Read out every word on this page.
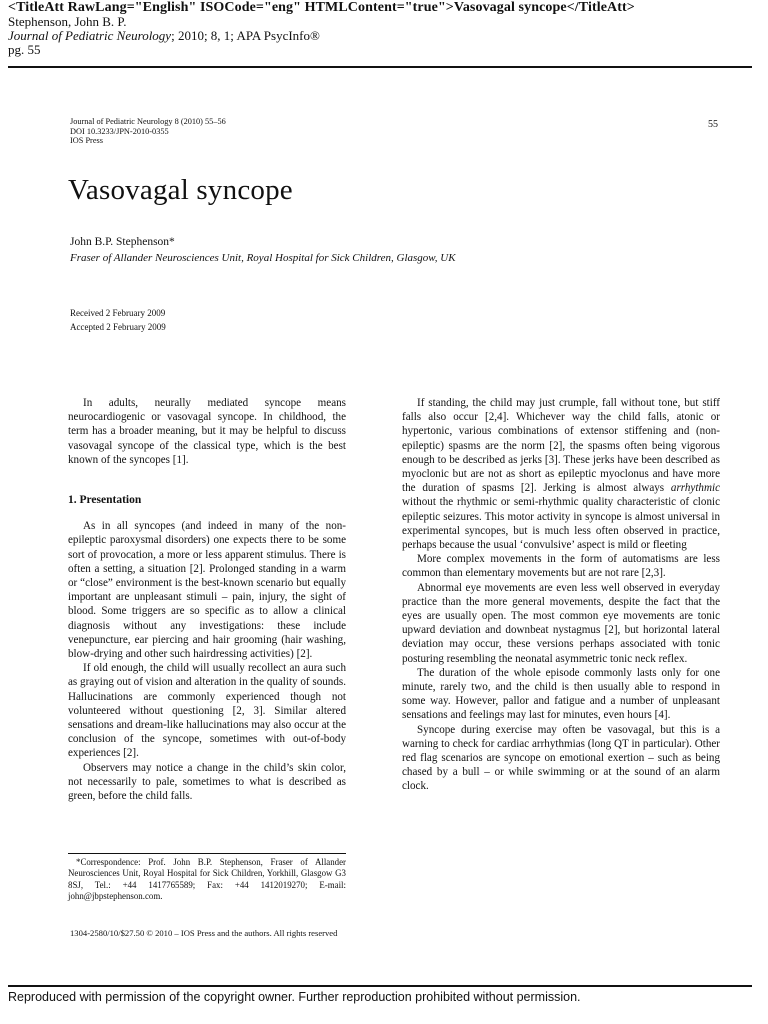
<TitleAtt RawLang="English" ISOCode="eng" HTMLContent="true">Vasovagal syncope</TitleAtt>
Stephenson, John B. P.
Journal of Pediatric Neurology; 2010; 8, 1; APA PsycInfo®
pg. 55
Journal of Pediatric Neurology 8 (2010) 55–56
DOI 10.3233/JPN-2010-0355
IOS Press
55
Vasovagal syncope
John B.P. Stephenson*
Fraser of Allander Neurosciences Unit, Royal Hospital for Sick Children, Glasgow, UK
Received 2 February 2009
Accepted 2 February 2009

In adults, neurally mediated syncope means neurocardiogenic or vasovagal syncope. In childhood, the term has a broader meaning, but it may be helpful to discuss vasovagal syncope of the classical type, which is the best known of the syncopes [1].

1. Presentation

As in all syncopes (and indeed in many of the non-epileptic paroxysmal disorders) one expects there to be some sort of provocation, a more or less apparent stimulus. There is often a setting, a situation [2]. Prolonged standing in a warm or “close” environment is the best-known scenario but equally important are unpleasant stimuli – pain, injury, the sight of blood. Some triggers are so specific as to allow a clinical diagnosis without any investigations: these include venepuncture, ear piercing and hair grooming (hair washing, blow-drying and other such hairdressing activities) [2].

If old enough, the child will usually recollect an aura such as graying out of vision and alteration in the quality of sounds. Hallucinations are commonly experienced though not volunteered without questioning [2, 3]. Similar altered sensations and dream-like hallucinations may also occur at the conclusion of the syncope, sometimes with out-of-body experiences [2].

Observers may notice a change in the child’s skin color, not necessarily to pale, sometimes to what is described as green, before the child falls.

If standing, the child may just crumple, fall without tone, but stiff falls also occur [2,4]. Whichever way the child falls, atonic or hypertonic, various combinations of extensor stiffening and (non-epileptic) spasms are the norm [2], the spasms often being vigorous enough to be described as jerks [3]. These jerks have been described as myoclonic but are not as short as epileptic myoclonus and have more the duration of spasms [2]. Jerking is almost always arrhythmic without the rhythmic or semi-rhythmic quality characteristic of clonic epileptic seizures. This motor activity in syncope is almost universal in experimental syncopes, but is much less often observed in practice, perhaps because the usual ‘convulsive’ aspect is mild or fleeting

More complex movements in the form of automatisms are less common than elementary movements but are not rare [2,3].

Abnormal eye movements are even less well observed in everyday practice than the more general movements, despite the fact that the eyes are usually open. The most common eye movements are tonic upward deviation and downbeat nystagmus [2], but horizontal lateral deviation may occur, these versions perhaps associated with tonic posturing resembling the neonatal asymmetric tonic neck reflex.

The duration of the whole episode commonly lasts only for one minute, rarely two, and the child is then usually able to respond in some way. However, pallor and fatigue and a number of unpleasant sensations and feelings may last for minutes, even hours [4].

Syncope during exercise may often be vasovagal, but this is a warning to check for cardiac arrhythmias (long QT in particular). Other red flag scenarios are syncope on emotional exertion – such as being chased by a bull – or while swimming or at the sound of an alarm clock.

*Correspondence: Prof. John B.P. Stephenson, Fraser of Allander Neurosciences Unit, Royal Hospital for Sick Children, Yorkhill, Glasgow G3 8SJ, Tel.: +44 1417765589; Fax: +44 1412019270; E-mail: john@jbpstephenson.com.
1304-2580/10/$27.50 © 2010 – IOS Press and the authors. All rights reserved
Reproduced with permission of the copyright owner. Further reproduction prohibited without permission.
